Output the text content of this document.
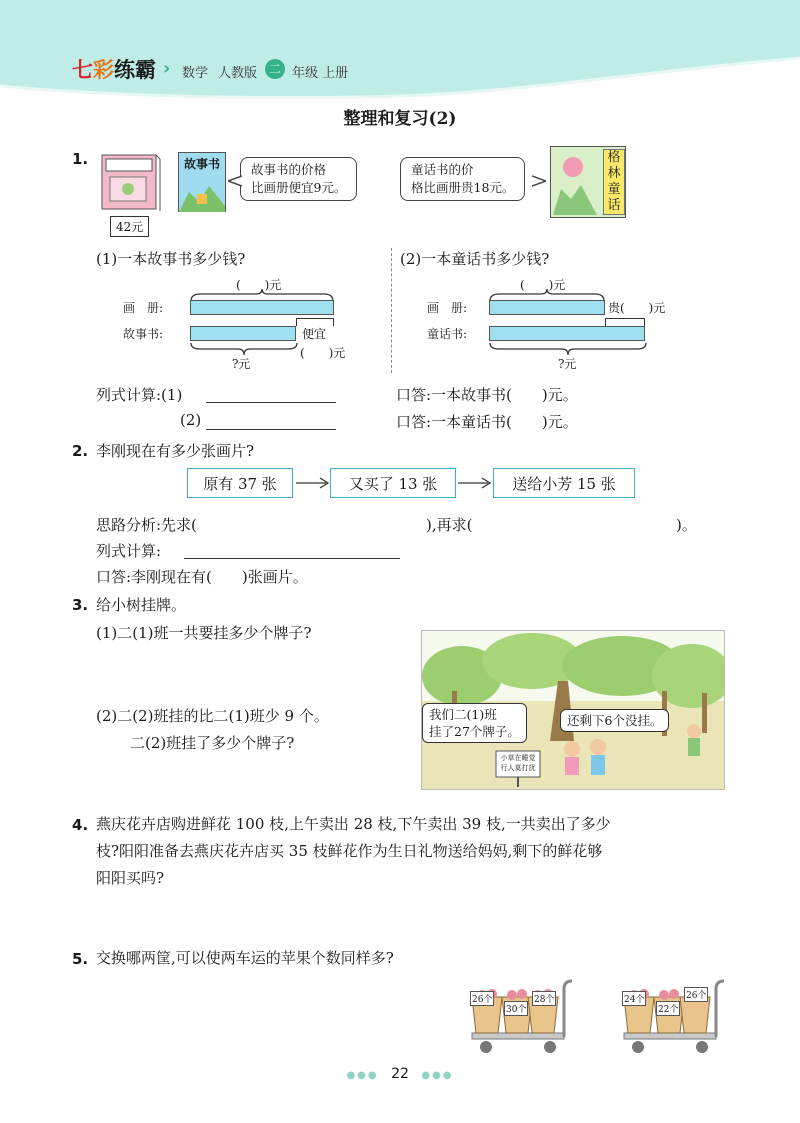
七彩练霸 › 数学 人教版 二 年级 上册
整理和复习(2)
1.
42元
故事书	故事书的价格
比画册便宜9元。
童话书的价
格比画册贵18元。
格
林
童
话
(1)一本故事书多少钱?	(2)一本童话书多少钱?
(　　)元
画　册:
故事书:	便宜
(　　)元
?元
(　　)元
画　册:	贵(　　)元
童话书:
?元
列式计算:(1)
(2)
口答:一本故事书(　　)元。
口答:一本童话书(　　)元。
2. 李刚现在有多少张画片?
原有 37 张	又买了 13 张	送给小芳 15 张
思路分析:先求(	),再求(	)。
列式计算:
口答:李刚现在有(　　)张画片。
3. 给小树挂牌。
(1)二(1)班一共要挂多少个牌子?
(2)二(2)班挂的比二(1)班少 9 个。
二(2)班挂了多少个牌子?
我们二(1)班
挂了27个牌子。
还剩下6个没挂。
小草在睡觉
行人莫打扰
4. 燕庆花卉店购进鲜花 100 枝,上午卖出 28 枝,下午卖出 39 枝,一共卖出了多少
枝?阳阳准备去燕庆花卉店买 35 枝鲜花作为生日礼物送给妈妈,剩下的鲜花够
阳阳买吗?
5. 交换哪两筐,可以使两车运的苹果个数同样多?
26个
30个
28个	24个	26个
22个
●●● 22 ●●●
